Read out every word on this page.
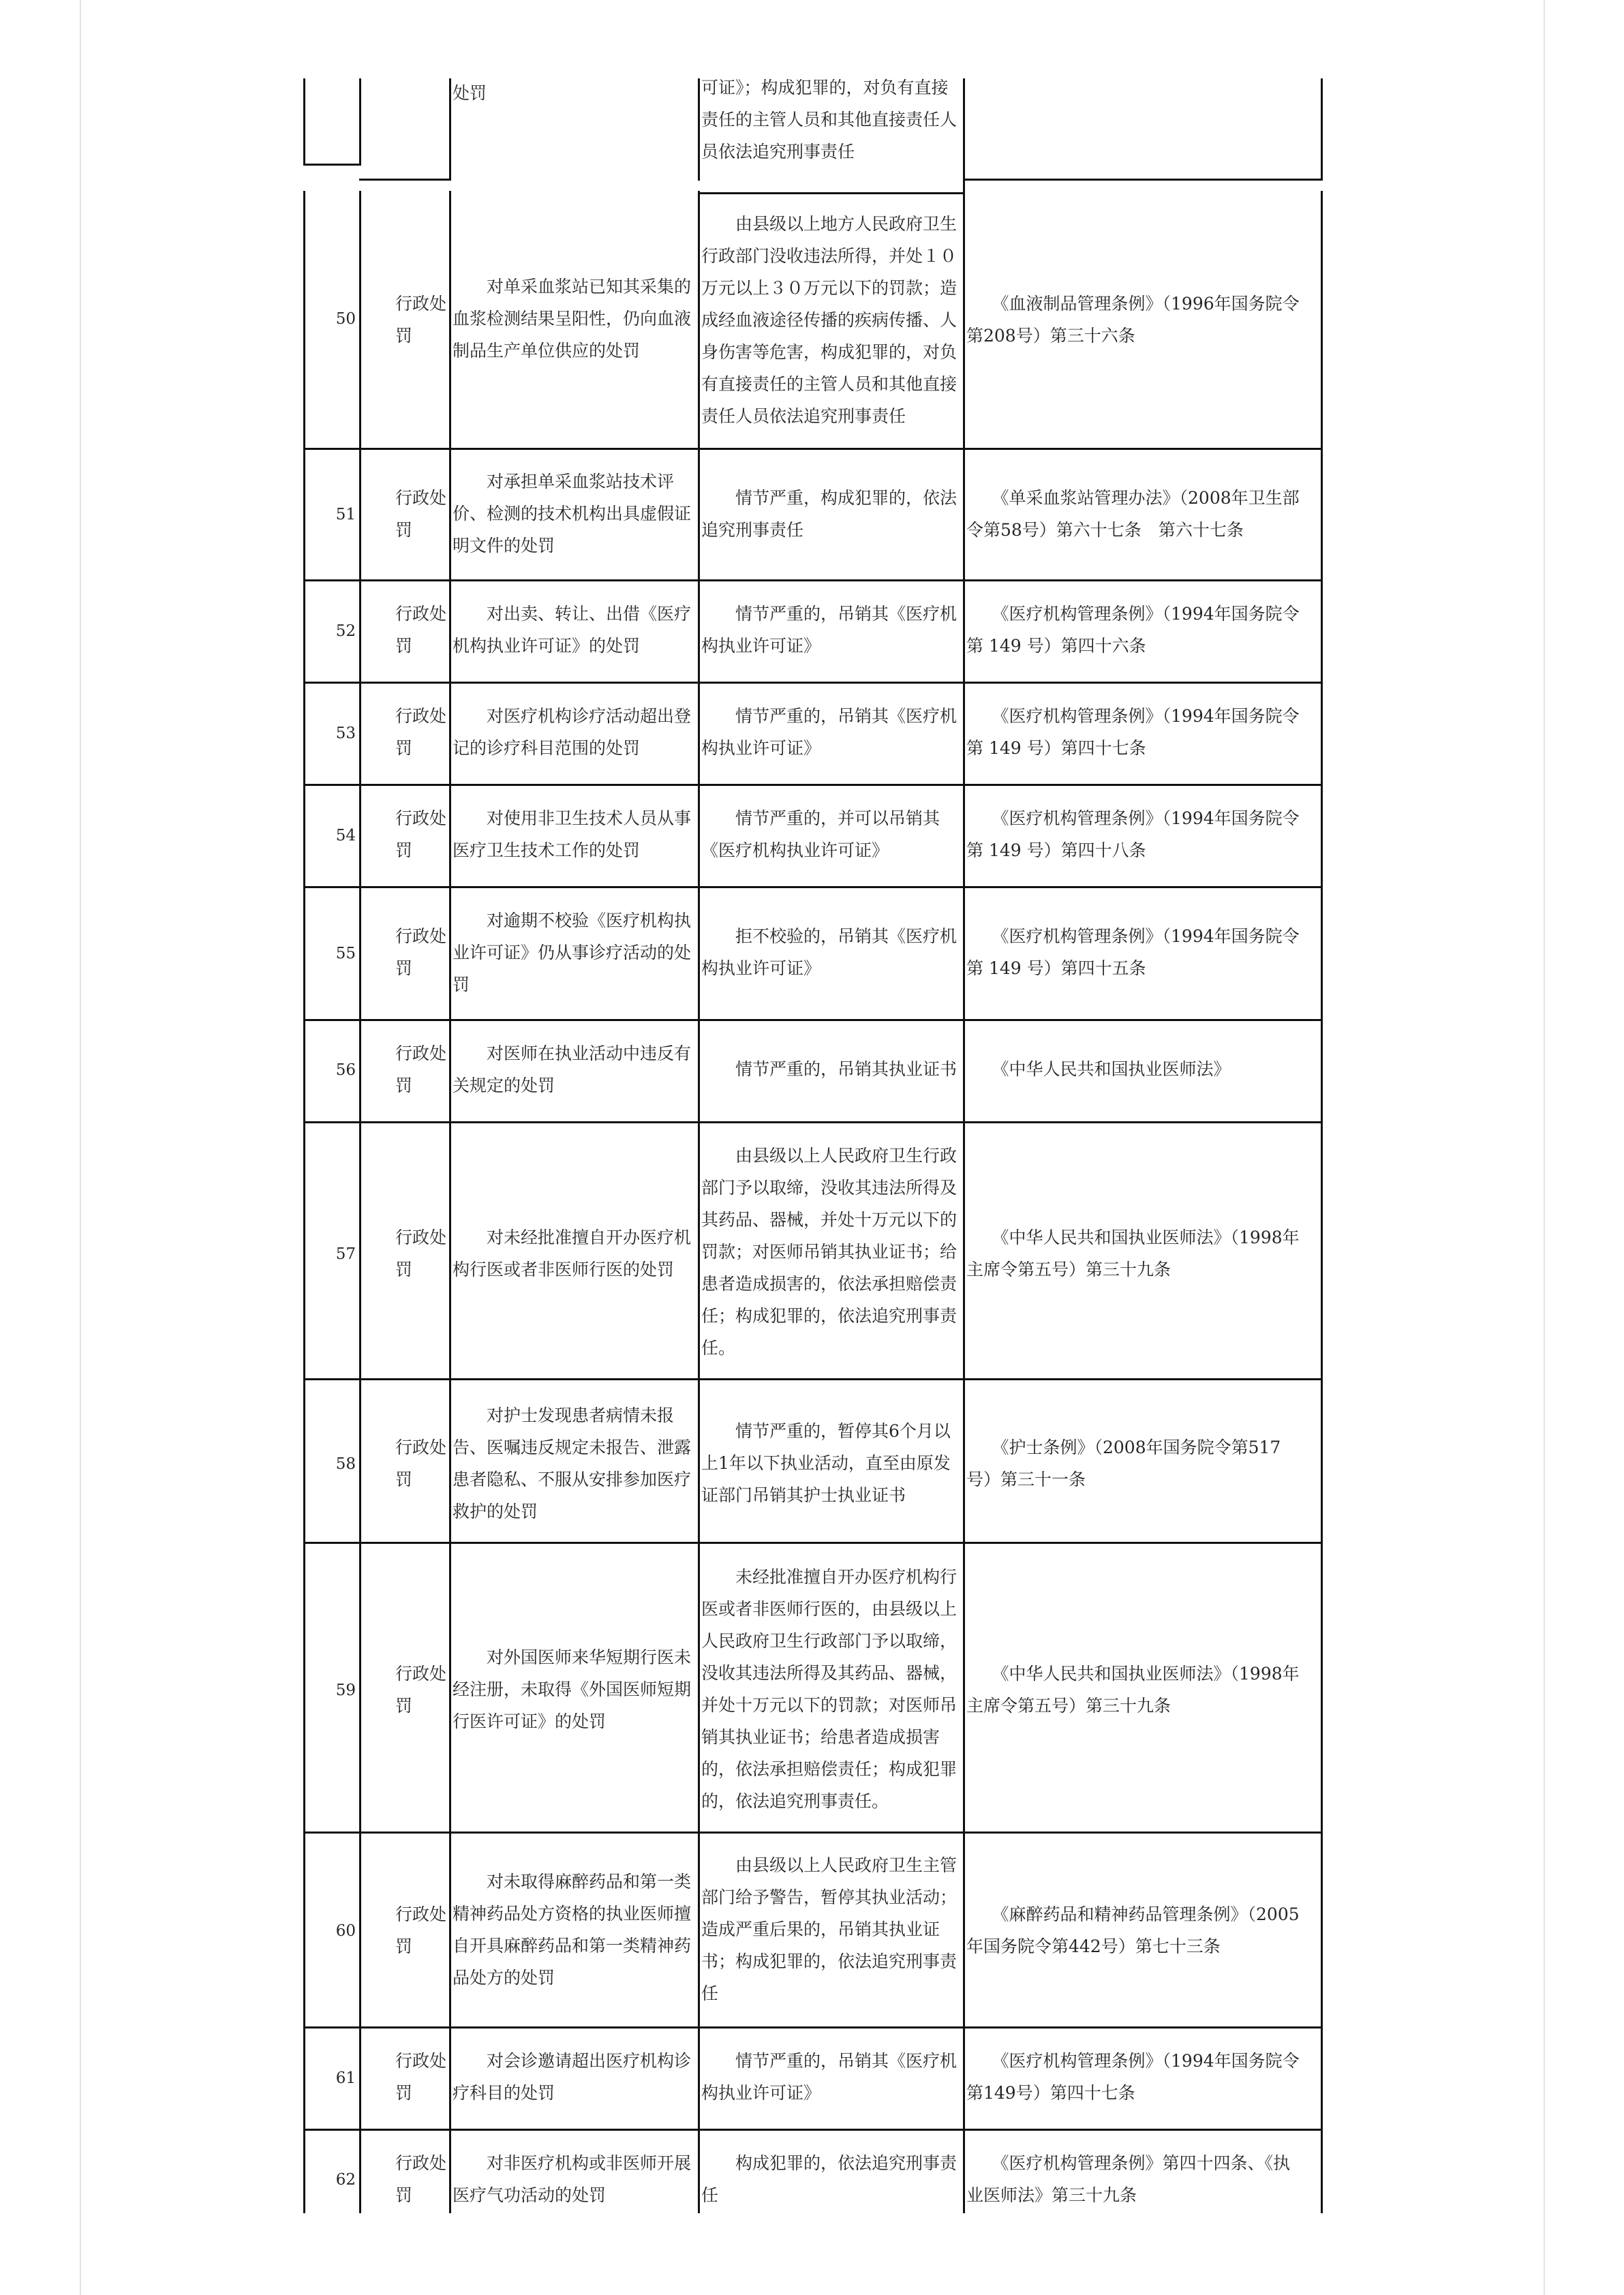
处罚	可证》；构成犯罪的，对负有直接
责任的主管人员和其他直接责任人
员依法追究刑事责任
50
行政处
罚
　　对单采血浆站已知其采集的
血浆检测结果呈阳性，仍向血液
制品生产单位供应的处罚
　　由县级以上地方人民政府卫生
行政部门没收违法所得，并处１０
万元以上３０万元以下的罚款；造
成经血液途径传播的疾病传播、人
身伤害等危害，构成犯罪的，对负
有直接责任的主管人员和其他直接
责任人员依法追究刑事责任
　　《血液制品管理条例》（1996年国务院令
第208号）第三十六条
51
行政处
罚
　　对承担单采血浆站技术评
价、检测的技术机构出具虚假证
明文件的处罚
　　情节严重，构成犯罪的，依法
追究刑事责任
　　《单采血浆站管理办法》（2008年卫生部
令第58号）第六十七条　第六十七条
52
行政处
罚
　　对出卖、转让、出借《医疗
机构执业许可证》的处罚
　　情节严重的，吊销其《医疗机
构执业许可证》
　　《医疗机构管理条例》（1994年国务院令
第 149 号）第四十六条
53
行政处
罚
　　对医疗机构诊疗活动超出登
记的诊疗科目范围的处罚
　　情节严重的，吊销其《医疗机
构执业许可证》
　　《医疗机构管理条例》（1994年国务院令
第 149 号）第四十七条
54
行政处
罚
　　对使用非卫生技术人员从事
医疗卫生技术工作的处罚
　　情节严重的，并可以吊销其
《医疗机构执业许可证》
　　《医疗机构管理条例》（1994年国务院令
第 149 号）第四十八条
55
行政处
罚
　　对逾期不校验《医疗机构执
业许可证》仍从事诊疗活动的处
罚
　　拒不校验的，吊销其《医疗机
构执业许可证》
　　《医疗机构管理条例》（1994年国务院令
第 149 号）第四十五条
56
行政处
罚
　　对医师在执业活动中违反有
关规定的处罚
　　情节严重的，吊销其执业证书 　　《中华人民共和国执业医师法》
57
行政处
罚
　　对未经批准擅自开办医疗机
构行医或者非医师行医的处罚
　　由县级以上人民政府卫生行政
部门予以取缔，没收其违法所得及
其药品、器械，并处十万元以下的
罚款；对医师吊销其执业证书；给
患者造成损害的，依法承担赔偿责
任；构成犯罪的，依法追究刑事责
任。
　　《中华人民共和国执业医师法》（1998年
主席令第五号）第三十九条
58
行政处
罚
　　对护士发现患者病情未报
告、医嘱违反规定未报告、泄露
患者隐私、不服从安排参加医疗
救护的处罚
　　情节严重的，暂停其6个月以
上1年以下执业活动，直至由原发
证部门吊销其护士执业证书
　　《护士条例》（2008年国务院令第517
号）第三十一条
59
行政处
罚
　　对外国医师来华短期行医未
经注册，未取得《外国医师短期
行医许可证》的处罚
　　未经批准擅自开办医疗机构行
医或者非医师行医的，由县级以上
人民政府卫生行政部门予以取缔，
没收其违法所得及其药品、器械，
并处十万元以下的罚款；对医师吊
销其执业证书；给患者造成损害
的，依法承担赔偿责任；构成犯罪
的，依法追究刑事责任。
　　《中华人民共和国执业医师法》（1998年
主席令第五号）第三十九条
60
行政处
罚
　　对未取得麻醉药品和第一类
精神药品处方资格的执业医师擅
自开具麻醉药品和第一类精神药
品处方的处罚
　　由县级以上人民政府卫生主管
部门给予警告，暂停其执业活动；
造成严重后果的，吊销其执业证
书；构成犯罪的，依法追究刑事责
任
　　《麻醉药品和精神药品管理条例》（2005
年国务院令第442号）第七十三条
61
行政处
罚
　　对会诊邀请超出医疗机构诊
疗科目的处罚
　　情节严重的，吊销其《医疗机
构执业许可证》
　　《医疗机构管理条例》（1994年国务院令
第149号）第四十七条
62
行政处
罚
　　对非医疗机构或非医师开展
医疗气功活动的处罚
　　构成犯罪的，依法追究刑事责
任
　　《医疗机构管理条例》第四十四条、《执
业医师法》第三十九条
